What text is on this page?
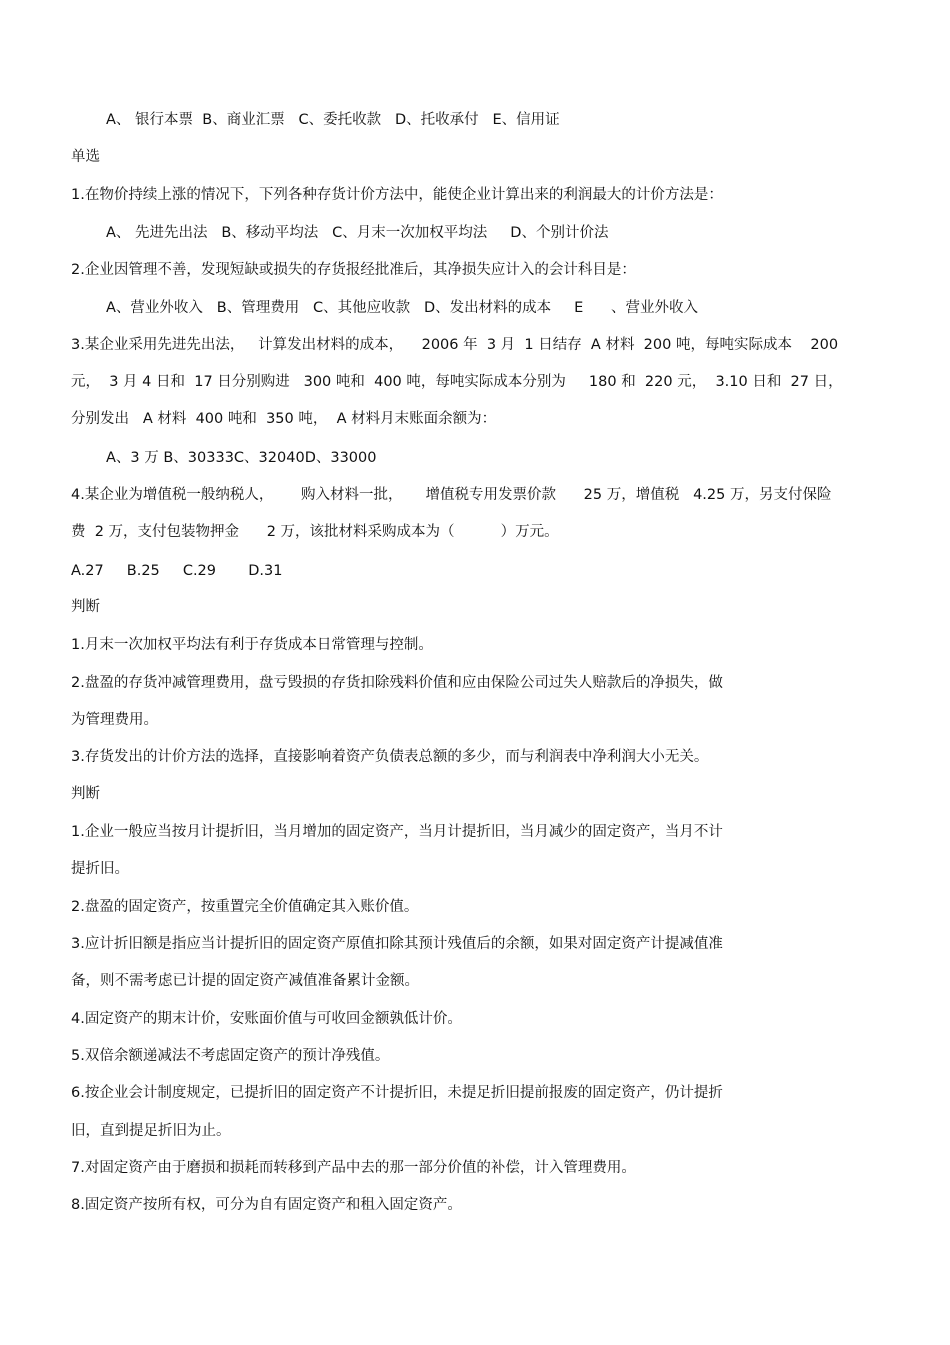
A、 银行本票  B、商业汇票   C、委托收款   D、托收承付   E、信用证
单选
1.在物价持续上涨的情况下，下列各种存货计价方法中，能使企业计算出来的利润最大的计价方法是：
A、 先进先出法   B、移动平均法   C、月末一次加权平均法     D、个别计价法
2.企业因管理不善，发现短缺或损失的存货报经批准后，其净损失应计入的会计科目是：
A、营业外收入   B、管理费用   C、其他应收款   D、发出材料的成本     E      、营业外收入
3.某企业采用先进先出法，   计算发出材料的成本，    2006 年  3 月  1 日结存  A 材料  200 吨，每吨实际成本    200
元，  3 月 4 日和  17 日分别购进   300 吨和  400 吨，每吨实际成本分别为     180 和  220 元，  3.10 日和  27 日，
分别发出   A 材料  400 吨和  350 吨，  A 材料月末账面余额为：
A、3 万 B、30333C、32040D、33000
4.某企业为增值税一般纳税人，      购入材料一批，     增值税专用发票价款      25 万，增值税   4.25 万，另支付保险
费  2 万，支付包装物押金      2 万，该批材料采购成本为（          ）万元。
A.27     B.25     C.29       D.31
判断
1.月末一次加权平均法有利于存货成本日常管理与控制。
2.盘盈的存货冲减管理费用，盘亏毁损的存货扣除残料价值和应由保险公司过失人赔款后的净损失，做
为管理费用。
3.存货发出的计价方法的选择，直接影响着资产负债表总额的多少，而与利润表中净利润大小无关。
判断
1.企业一般应当按月计提折旧，当月增加的固定资产，当月计提折旧，当月减少的固定资产，当月不计
提折旧。
2.盘盈的固定资产，按重置完全价值确定其入账价值。
3.应计折旧额是指应当计提折旧的固定资产原值扣除其预计残值后的余额，如果对固定资产计提减值准
备，则不需考虑已计提的固定资产减值准备累计金额。
4.固定资产的期末计价，安账面价值与可收回金额孰低计价。
5.双倍余额递减法不考虑固定资产的预计净残值。
6.按企业会计制度规定，已提折旧的固定资产不计提折旧，未提足折旧提前报废的固定资产，仍计提折
旧，直到提足折旧为止。
7.对固定资产由于磨损和损耗而转移到产品中去的那一部分价值的补偿，计入管理费用。
8.固定资产按所有权，可分为自有固定资产和租入固定资产。
